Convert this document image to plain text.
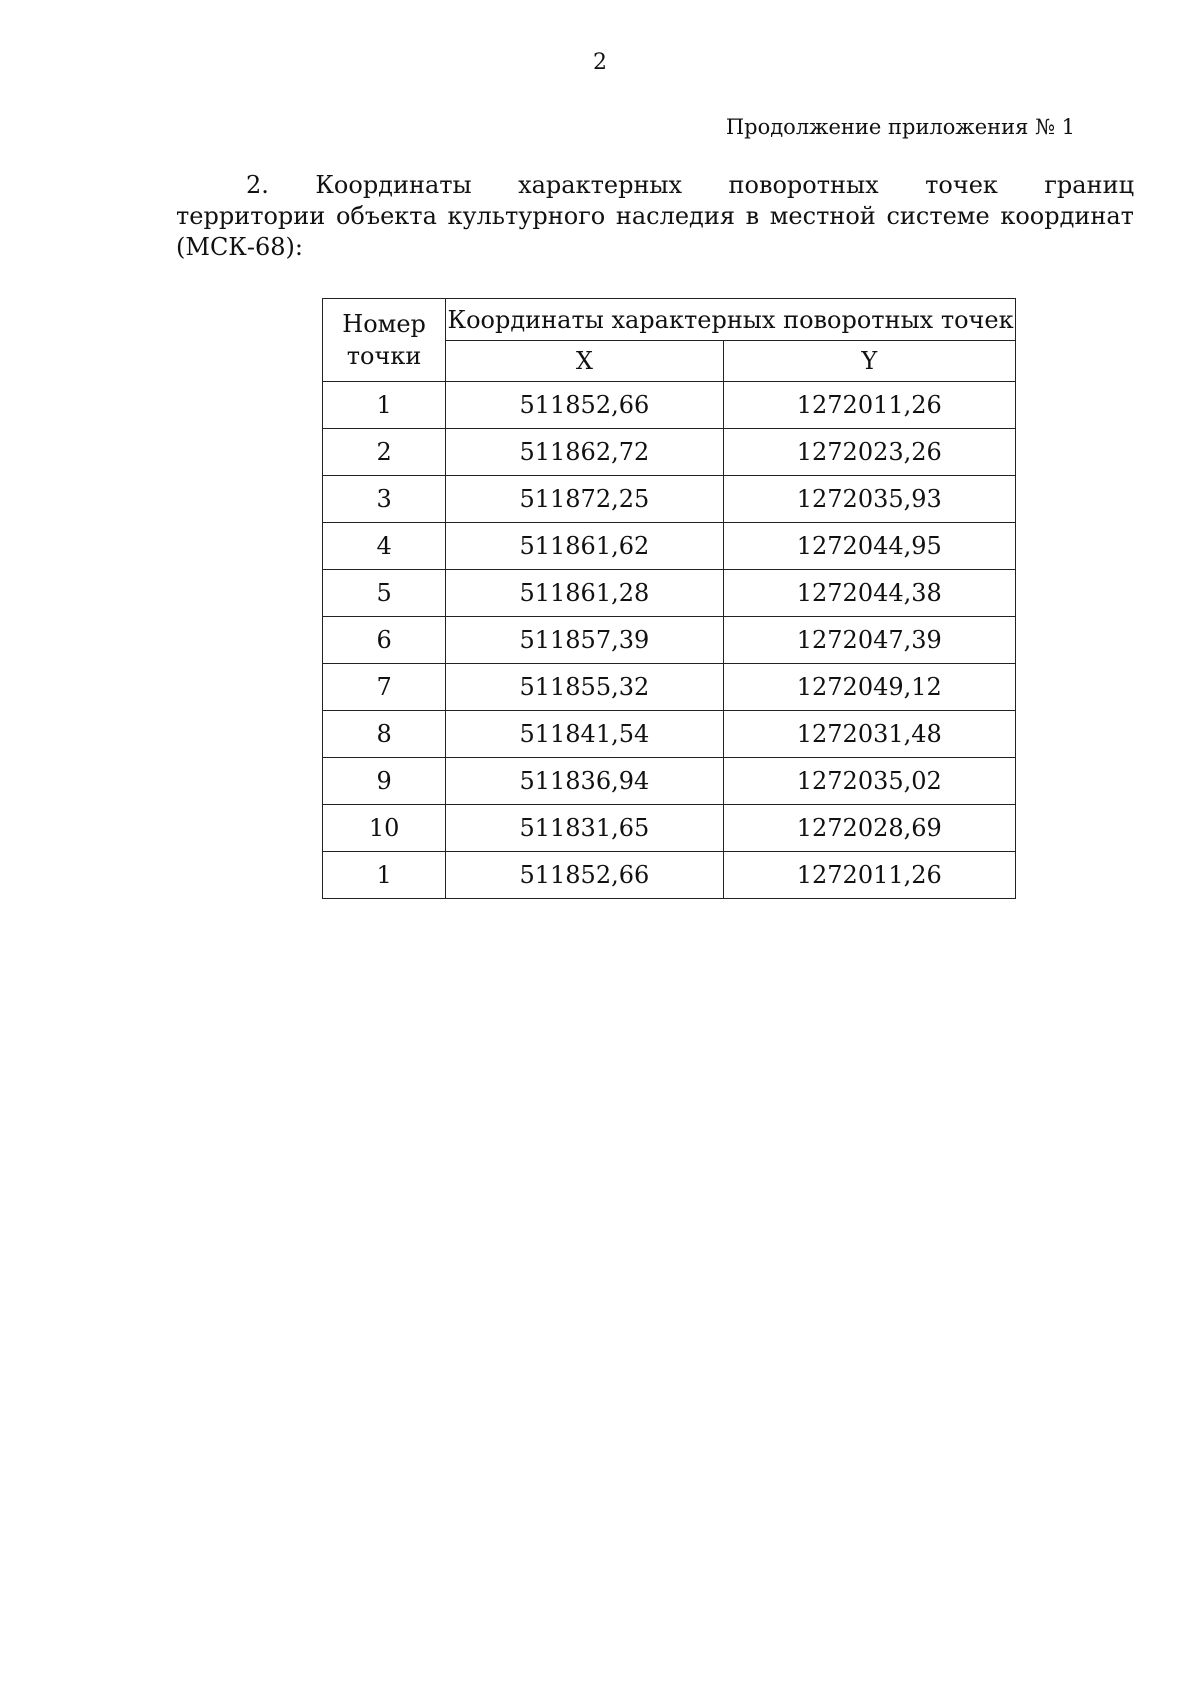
2
Продолжение приложения № 1
2. Координаты характерных поворотных точек границ
территории объекта культурного наследия в местной системе координат
(МСК-68):
Номер
точки	Координаты характерных поворотных точек	
	X	Y
1	511852,66	1272011,26
2	511862,72	1272023,26
3	511872,25	1272035,93
4	511861,62	1272044,95
5	511861,28	1272044,38
6	511857,39	1272047,39
7	511855,32	1272049,12
8	511841,54	1272031,48
9	511836,94	1272035,02
10	511831,65	1272028,69
1	511852,66	1272011,26
